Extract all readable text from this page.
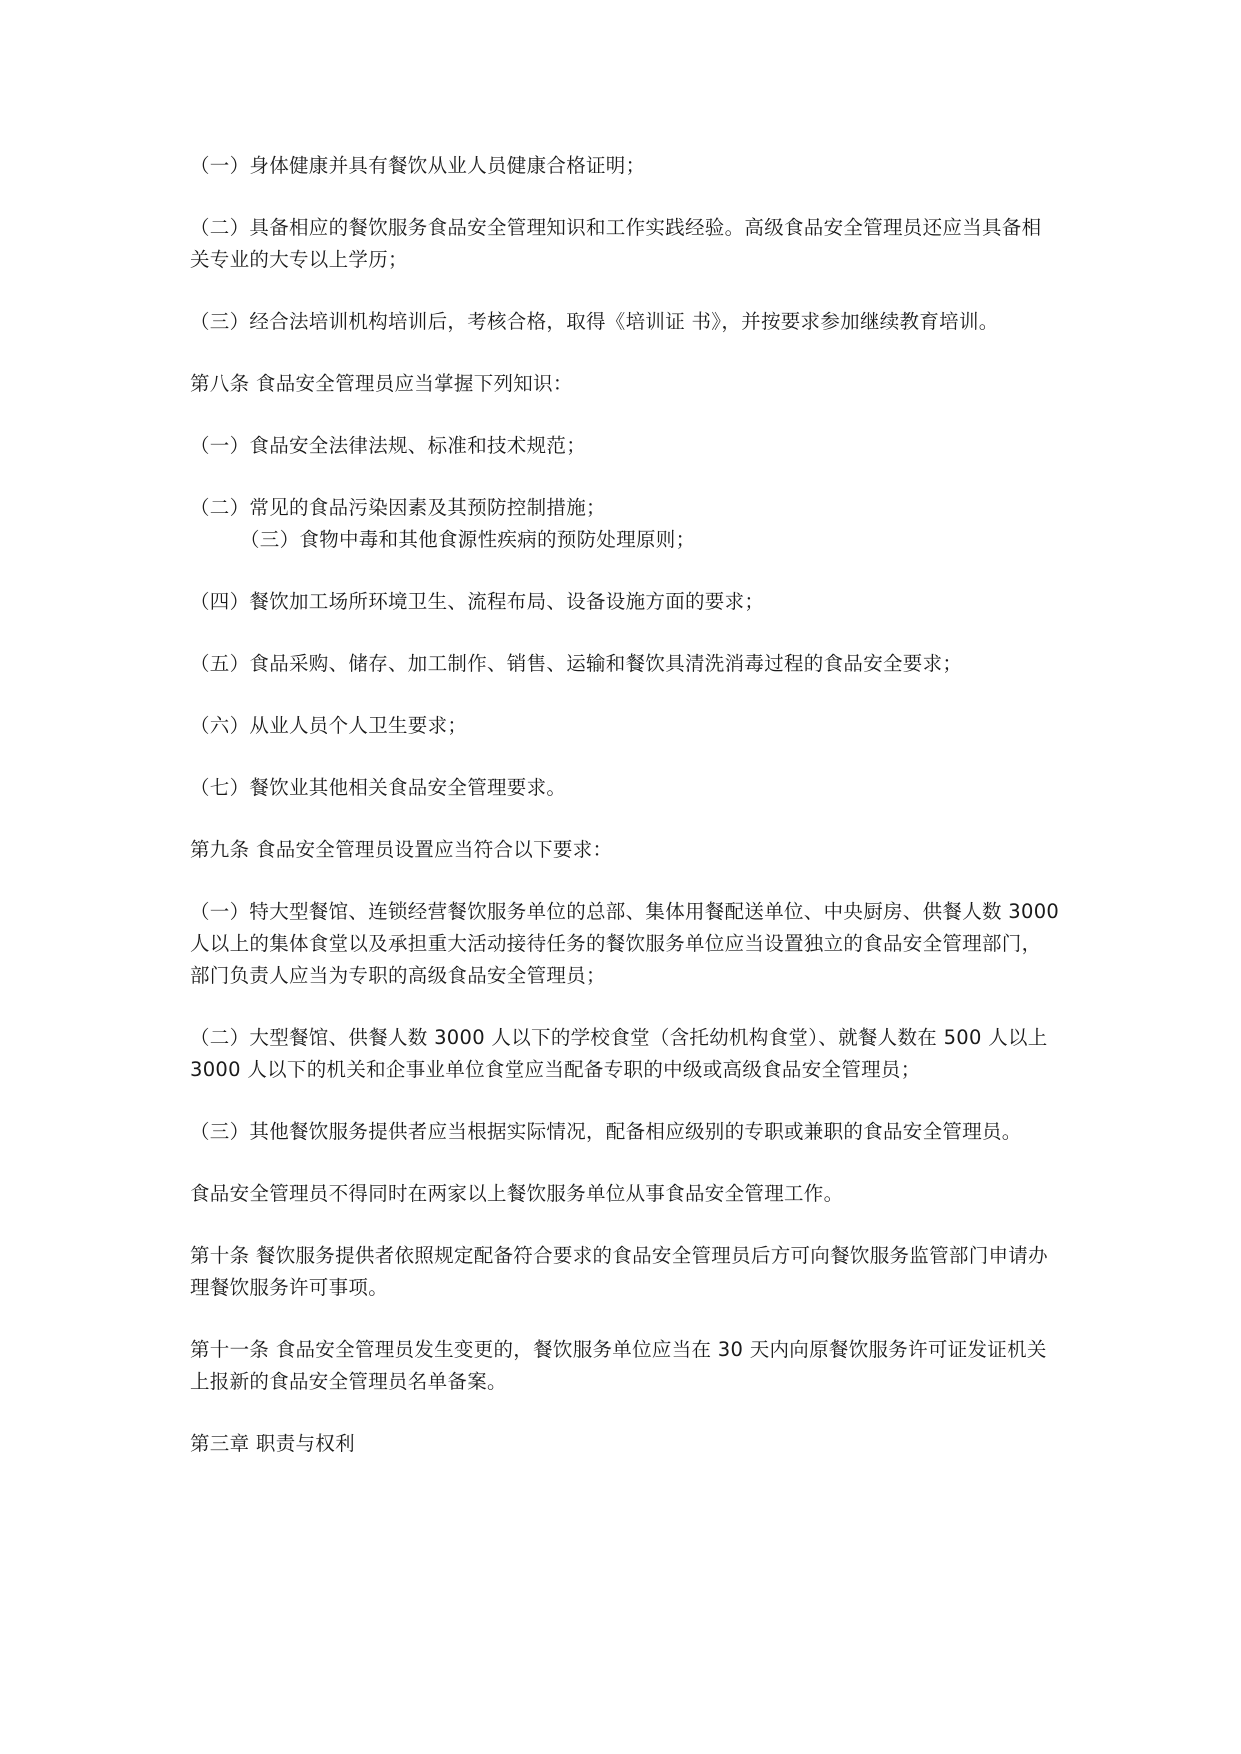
（一）身体健康并具有餐饮从业人员健康合格证明；

（二）具备相应的餐饮服务食品安全管理知识和工作实践经验。高级食品安全管理员还应当具备相关专业的大专以上学历；

（三）经合法培训机构培训后，考核合格，取得《培训证 书》，并按要求参加继续教育培训。

第八条 食品安全管理员应当掌握下列知识：

（一）食品安全法律法规、标准和技术规范；

（二）常见的食品污染因素及其预防控制措施；

（三）食物中毒和其他食源性疾病的预防处理原则；

（四）餐饮加工场所环境卫生、流程布局、设备设施方面的要求；

（五）食品采购、储存、加工制作、销售、运输和餐饮具清洗消毒过程的食品安全要求；

（六）从业人员个人卫生要求；

（七）餐饮业其他相关食品安全管理要求。

第九条 食品安全管理员设置应当符合以下要求：

（一）特大型餐馆、连锁经营餐饮服务单位的总部、集体用餐配送单位、中央厨房、供餐人数 3000 人以上的集体食堂以及承担重大活动接待任务的餐饮服务单位应当设置独立的食品安全管理部门，部门负责人应当为专职的高级食品安全管理员；

（二）大型餐馆、供餐人数 3000 人以下的学校食堂（含托幼机构食堂）、就餐人数在 500 人以上 3000 人以下的机关和企事业单位食堂应当配备专职的中级或高级食品安全管理员；

（三）其他餐饮服务提供者应当根据实际情况，配备相应级别的专职或兼职的食品安全管理员。

食品安全管理员不得同时在两家以上餐饮服务单位从事食品安全管理工作。

第十条 餐饮服务提供者依照规定配备符合要求的食品安全管理员后方可向餐饮服务监管部门申请办理餐饮服务许可事项。

第十一条 食品安全管理员发生变更的，餐饮服务单位应当在 30 天内向原餐饮服务许可证发证机关上报新的食品安全管理员名单备案。

第三章 职责与权利
